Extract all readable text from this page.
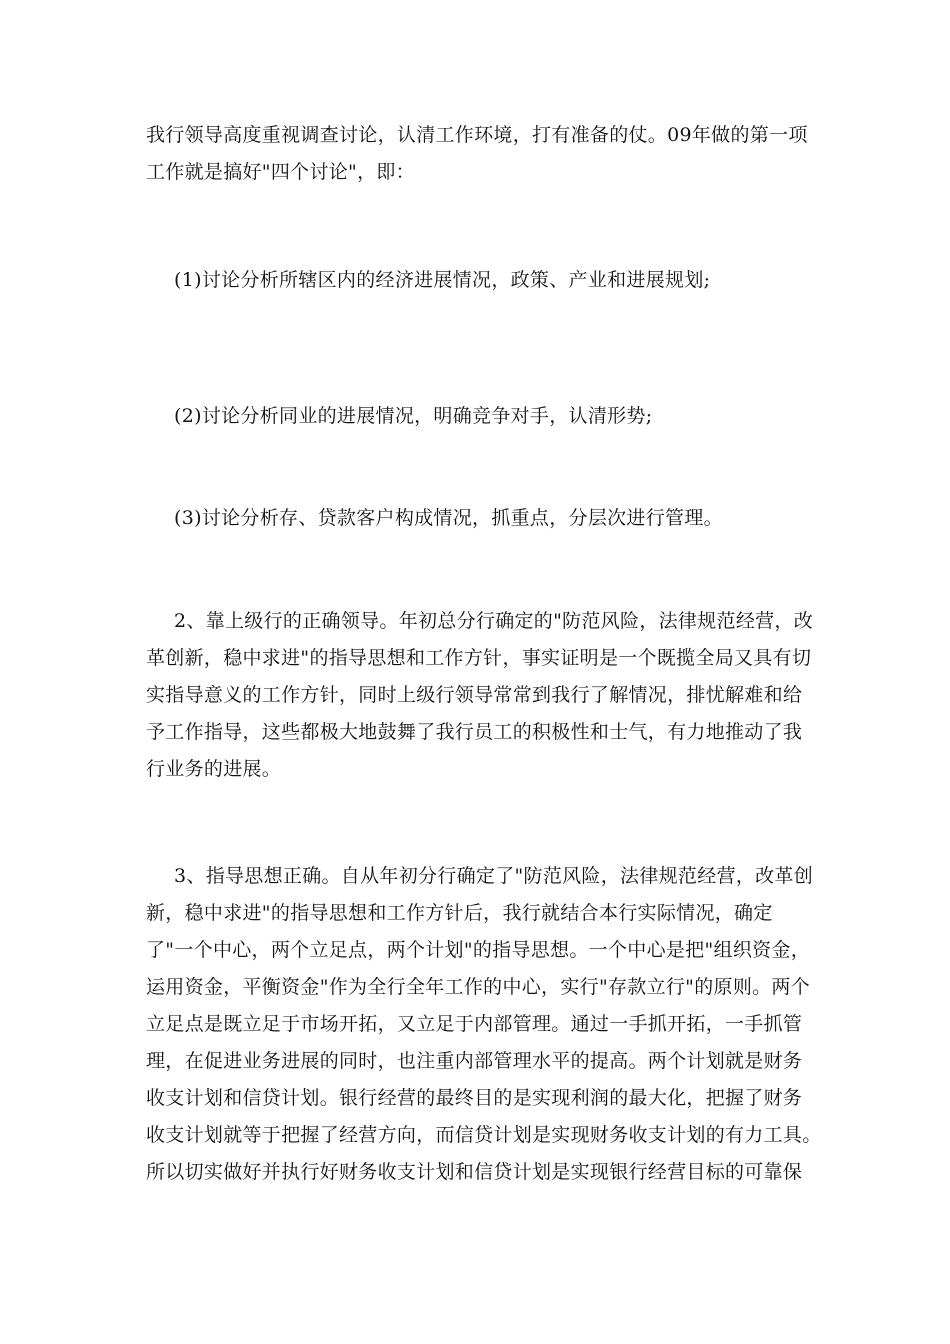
我行领导高度重视调查讨论，认清工作环境，打有准备的仗。09年做的第一项
工作就是搞好"四个讨论"，即：

(1)讨论分析所辖区内的经济进展情况，政策、产业和进展规划;

(2)讨论分析同业的进展情况，明确竞争对手，认清形势;

(3)讨论分析存、贷款客户构成情况，抓重点，分层次进行管理。

2、靠上级行的正确领导。年初总分行确定的"防范风险，法律规范经营，改
革创新，稳中求进"的指导思想和工作方针，事实证明是一个既揽全局又具有切
实指导意义的工作方针，同时上级行领导常常到我行了解情况，排忧解难和给
予工作指导，这些都极大地鼓舞了我行员工的积极性和士气，有力地推动了我
行业务的进展。

3、指导思想正确。自从年初分行确定了"防范风险，法律规范经营，改革创
新，稳中求进"的指导思想和工作方针后，我行就结合本行实际情况，确定
了"一个中心，两个立足点，两个计划"的指导思想。一个中心是把"组织资金，
运用资金，平衡资金"作为全行全年工作的中心，实行"存款立行"的原则。两个
立足点是既立足于市场开拓，又立足于内部管理。通过一手抓开拓，一手抓管
理，在促进业务进展的同时，也注重内部管理水平的提高。两个计划就是财务
收支计划和信贷计划。银行经营的最终目的是实现利润的最大化，把握了财务
收支计划就等于把握了经营方向，而信贷计划是实现财务收支计划的有力工具。
所以切实做好并执行好财务收支计划和信贷计划是实现银行经营目标的可靠保
